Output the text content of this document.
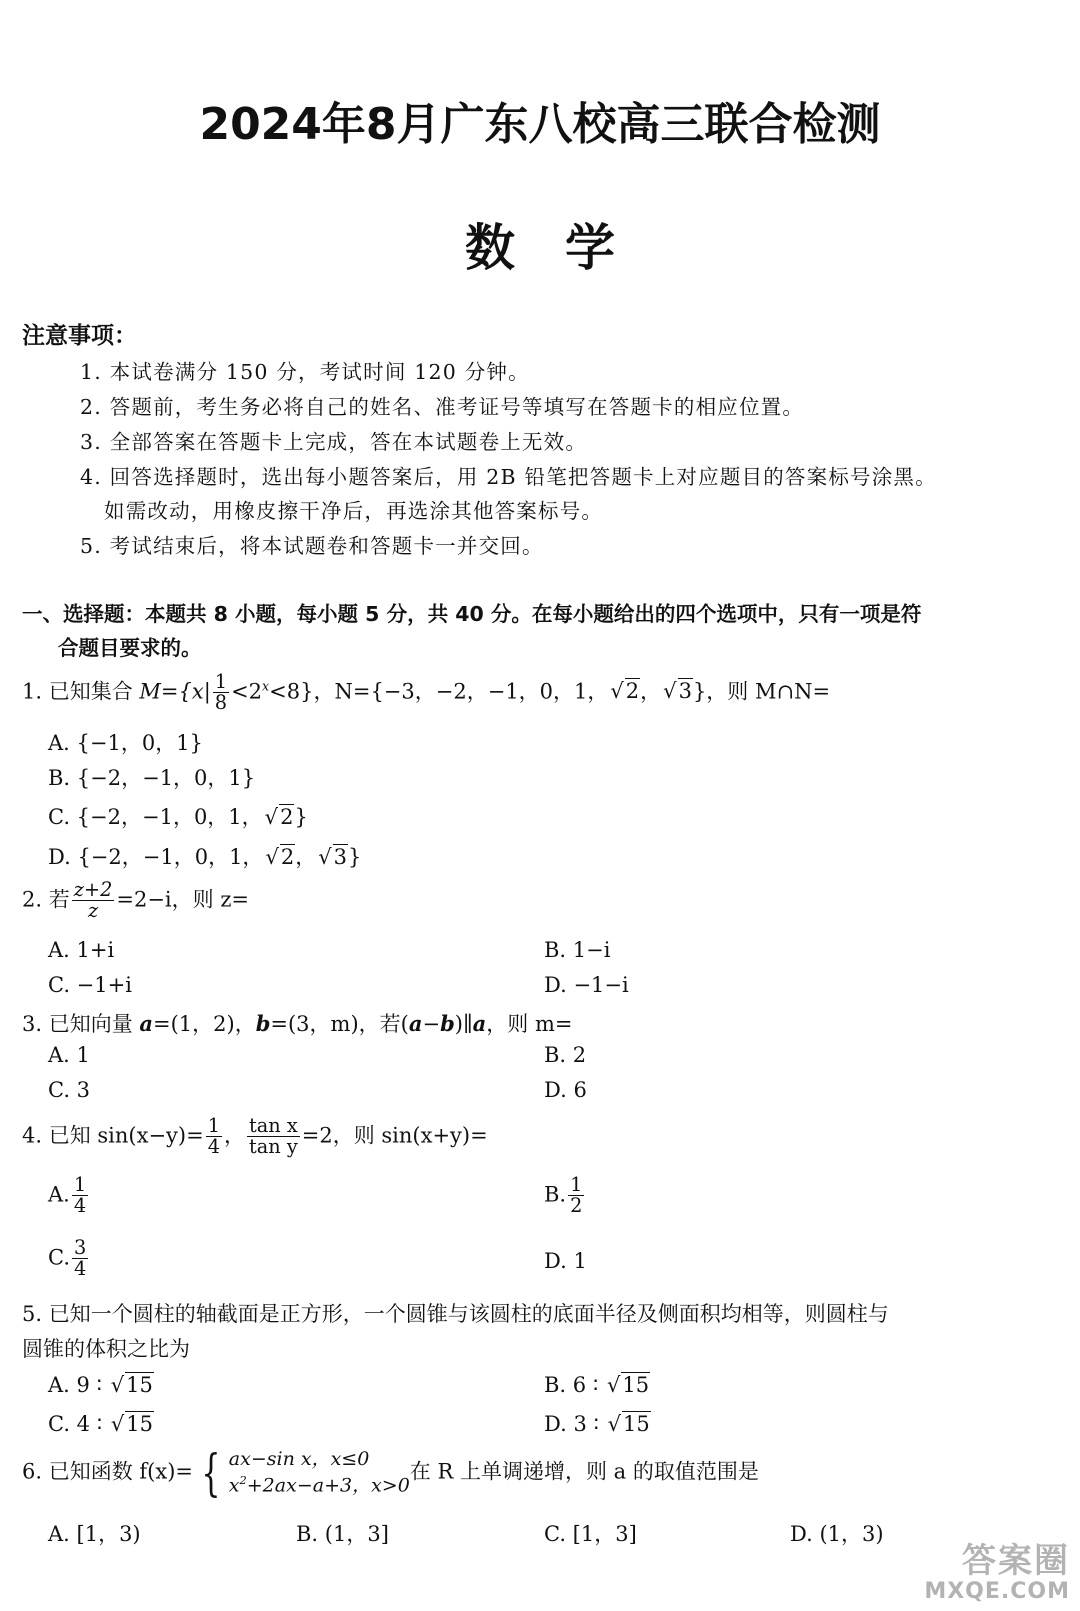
2024年8月广东八校高三联合检测
数　学
注意事项：
1. 本试卷满分 150 分，考试时间 120 分钟。
2. 答题前，考生务必将自己的姓名、准考证号等填写在答题卡的相应位置。
3. 全部答案在答题卡上完成，答在本试题卷上无效。
4. 回答选择题时，选出每小题答案后，用 2B 铅笔把答题卡上对应题目的答案标号涂黑。
如需改动，用橡皮擦干净后，再选涂其他答案标号。
5. 考试结束后，将本试题卷和答题卡一并交回。
一、选择题：本题共 8 小题，每小题 5 分，共 40 分。在每小题给出的四个选项中，只有一项是符
合题目要求的。
1. 已知集合 $M=\{x| \frac{1}{8} <2^x<8\}$，N={−3，−2，−1，0，1，√2，√3}，则 M∩N=
A. {−1，0，1}
B. {−2，−1，0，1}
C. {−2，−1，0，1，√2}
D. {−2，−1，0，1，√2，√3}
2. 若 $\frac{z+2}{z} =2-i$，则 z=
A. 1+i	B. 1−i
C. −1+i	D. −1−i
3. 已知向量 a=(1，2)，b=(3，m)，若(a−b)∥a，则 m=
A. 1	B. 2
C. 3	D. 6
4. 已知 $\sin(x-y)= \frac{1}{4}$ ， $\frac{\text{tan x}}{\text{tan y}} =2$，则 sin(x+y)=
A. $\frac{1}{4}$	B. $\frac{1}{2}$
C. $\frac{3}{4}$	D. 1
5. 已知一个圆柱的轴截面是正方形，一个圆锥与该圆柱的底面半径及侧面积均相等，则圆柱与
圆锥的体积之比为
A. 9 ∶ √15	B. 6 ∶ √15
C. 4 ∶ √15	D. 3 ∶ √15
6. 已知函数 f(x)= { ax−sin x，x≤0
$x^2+2ax-a+3$，x>0
在 R 上单调递增，则 a 的取值范围是
A. [1，3)	B. (1，3]	C. [1，3]	D. (1，3)
答案圈
MXQE.COM
